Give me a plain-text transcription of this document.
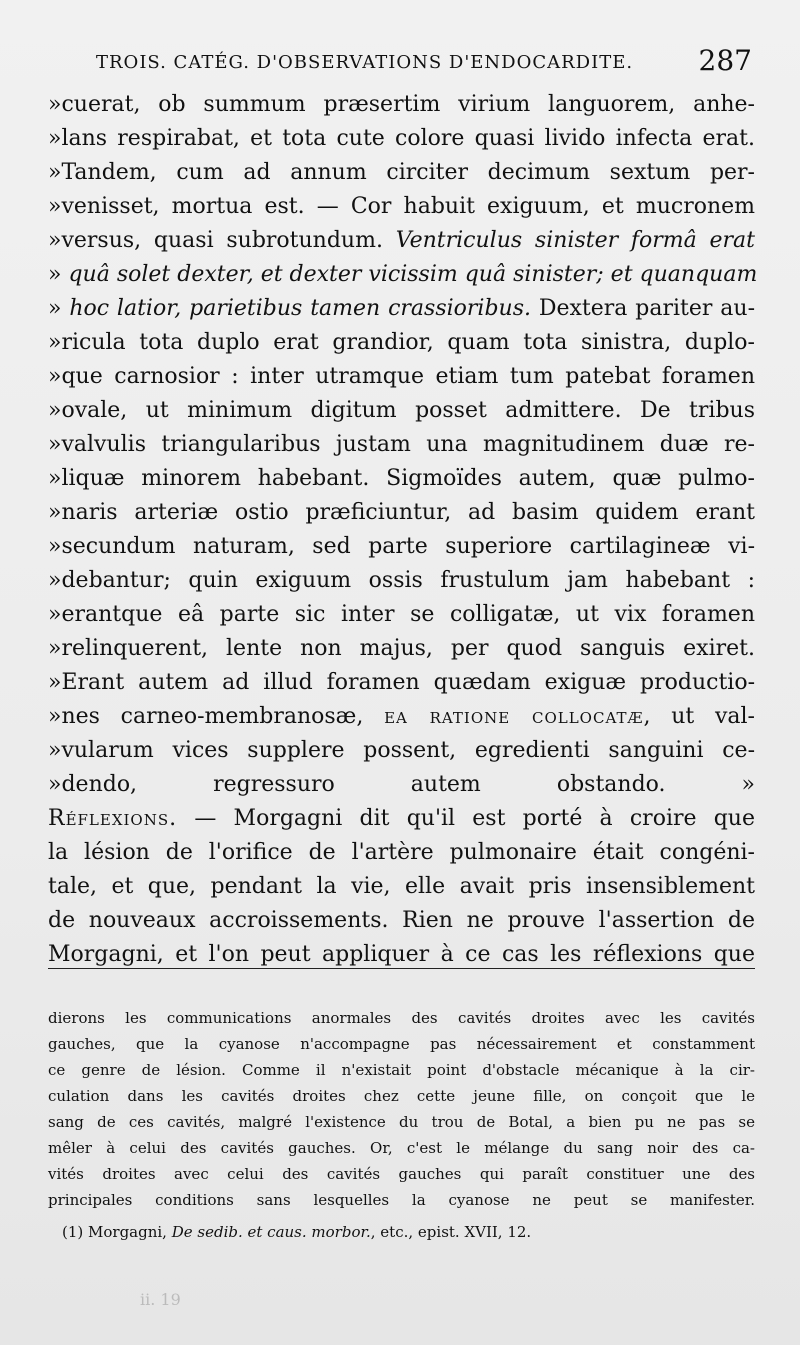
TROIS. CATÉG. D'OBSERVATIONS D'ENDOCARDITE. 287
»cuerat, ob summum præsertim virium languorem, anhe-
»lans respirabat, et tota cute colore quasi livido infecta erat.
»Tandem, cum ad annum circiter decimum sextum per-
»venisset, mortua est. — Cor habuit exiguum, et mucronem
»versus, quasi subrotundum. Ventriculus sinister formâ erat
» quâ solet dexter, et dexter vicissim quâ sinister; et quanquam
» hoc latior, parietibus tamen crassioribus. Dextera pariter au-
»ricula tota duplo erat grandior, quam tota sinistra, duplo-
»que carnosior : inter utramque etiam tum patebat foramen
»ovale, ut minimum digitum posset admittere. De tribus
»valvulis triangularibus justam una magnitudinem duæ re-
»liquæ minorem habebant. Sigmoïdes autem, quæ pulmo-
»naris arteriæ ostio præficiuntur, ad basim quidem erant
»secundum naturam, sed parte superiore cartilagineæ vi-
»debantur; quin exiguum ossis frustulum jam habebant :
»erantque eâ parte sic inter se colligatæ, ut vix foramen
»relinquerent, lente non majus, per quod sanguis exiret.
»Erant autem ad illud foramen quædam exiguæ productio-
»nes carneo-membranosæ, ea ratione collocatæ, ut val-
»vularum vices supplere possent, egredienti sanguini ce-
»dendo, regressuro autem obstando. »
Réflexions. — Morgagni dit qu'il est porté à croire que
la lésion de l'orifice de l'artère pulmonaire était congéni-
tale, et que, pendant la vie, elle avait pris insensiblement
de nouveaux accroissements. Rien ne prouve l'assertion de
Morgagni, et l'on peut appliquer à ce cas les réflexions que
dierons les communications anormales des cavités droites avec les cavités
gauches, que la cyanose n'accompagne pas nécessairement et constamment
ce genre de lésion. Comme il n'existait point d'obstacle mécanique à la cir-
culation dans les cavités droites chez cette jeune fille, on conçoit que le
sang de ces cavités, malgré l'existence du trou de Botal, a bien pu ne pas se
mêler à celui des cavités gauches. Or, c'est le mélange du sang noir des ca-
vités droites avec celui des cavités gauches qui paraît constituer une des
principales conditions sans lesquelles la cyanose ne peut se manifester.
(1) Morgagni, De sedib. et caus. morbor., etc., epist. XVII, 12.
ii. 19
